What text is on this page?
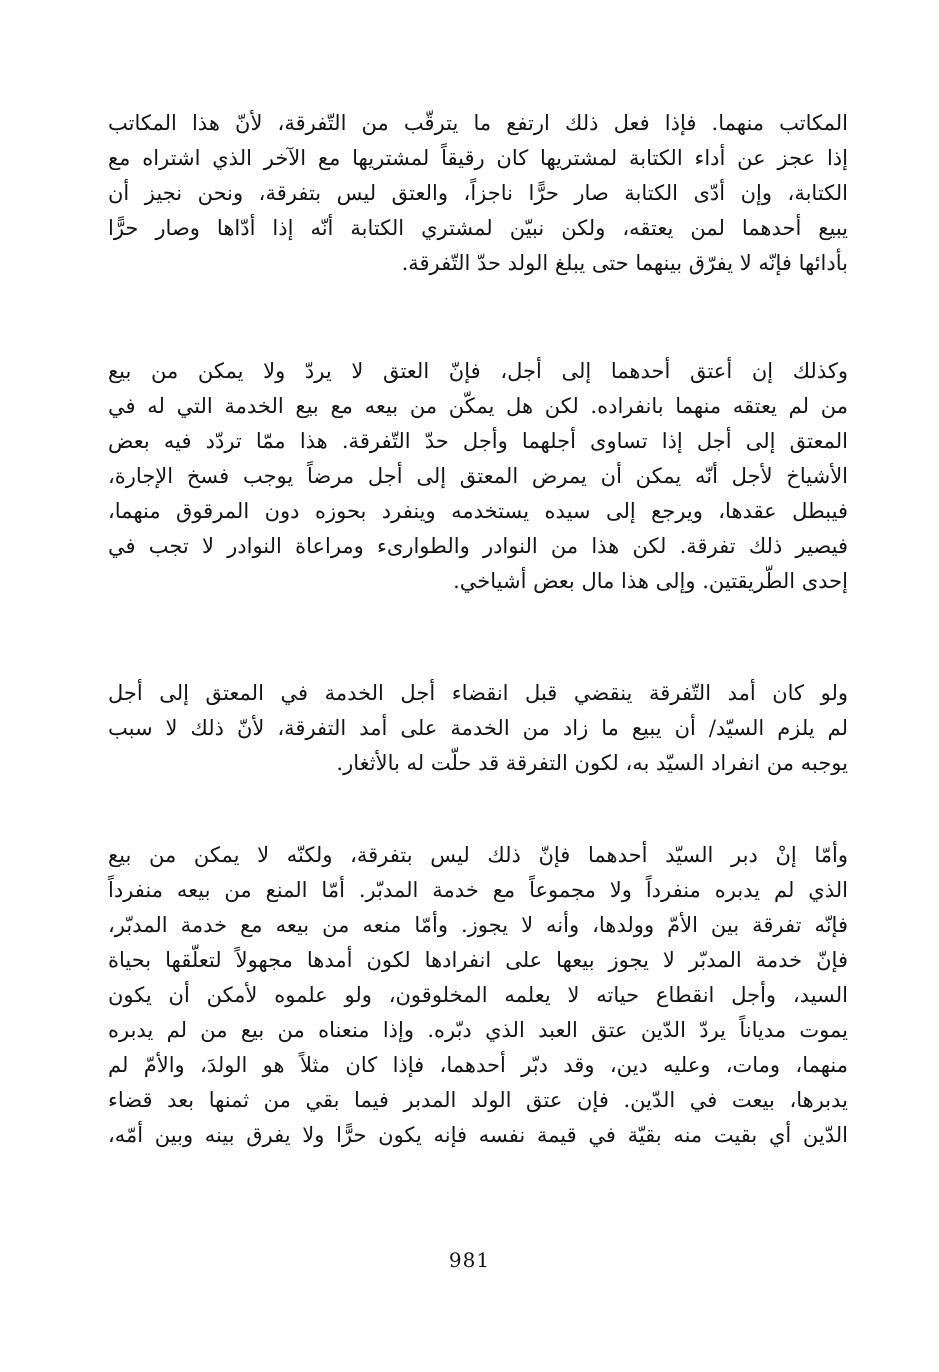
المكاتب منهما. فإذا فعل ذلك ارتفع ما يترقّب من التّفرقة، لأنّ هذا المكاتب
إذا عجز عن أداء الكتابة لمشتريها كان رقيقاً لمشتريها مع الآخر الذي اشتراه مع
الكتابة، وإن أدّى الكتابة صار حرًّا ناجزاً، والعتق ليس بتفرقة، ونحن نجيز أن
يبيع أحدهما لمن يعتقه، ولكن نبيّن لمشتري الكتابة أنّه إذا أدّاها وصار حرًّا
بأدائها فإنّه لا يفرّق بينهما حتى يبلغ الولد حدّ التّفرقة.
وكذلك إن أعتق أحدهما إلى أجل، فإنّ العتق لا يردّ ولا يمكن من بيع
من لم يعتقه منهما بانفراده. لكن هل يمكّن من بيعه مع بيع الخدمة التي له في
المعتق إلى أجل إذا تساوى أجلهما وأجل حدّ التّفرقة. هذا ممّا تردّد فيه بعض
الأشياخ لأجل أنّه يمكن أن يمرض المعتق إلى أجل مرضاً يوجب فسخ الإجارة،
فيبطل عقدها، ويرجع إلى سيده يستخدمه وينفرد بحوزه دون المرقوق منهما،
فيصير ذلك تفرقة. لكن هذا من النوادر والطوارىء ومراعاة النوادر لا تجب في
إحدى الطّريقتين. وإلى هذا مال بعض أشياخي.
ولو كان أمد التّفرقة ينقضي قبل انقضاء أجل الخدمة في المعتق إلى أجل
لم يلزم السيّد/ أن يبيع ما زاد من الخدمة على أمد التفرقة، لأنّ ذلك لا سبب
يوجبه من انفراد السيّد به، لكون التفرقة قد حلّت له بالأثغار.
وأمّا إنْ دبر السيّد أحدهما فإنّ ذلك ليس بتفرقة، ولكنّه لا يمكن من بيع
الذي لم يدبره منفرداً ولا مجموعاً مع خدمة المدبّر. أمّا المنع من بيعه منفرداً
فإنّه تفرقة بين الأمّ وولدها، وأنه لا يجوز. وأمّا منعه من بيعه مع خدمة المدبّر،
فإنّ خدمة المدبّر لا يجوز بيعها على انفرادها لكون أمدها مجهولاً لتعلّقها بحياة
السيد، وأجل انقطاع حياته لا يعلمه المخلوقون، ولو علموه لأمكن أن يكون
يموت مدياناً يردّ الدّين عتق العبد الذي دبّره. وإذا منعناه من بيع من لم يدبره
منهما، ومات، وعليه دين، وقد دبّر أحدهما، فإذا كان مثلاً هو الولدَ، والأمّ لم
يدبرها، بيعت في الدّين. فإن عتق الولد المدبر فيما بقي من ثمنها بعد قضاء
الدّين أي بقيت منه بقيّة في قيمة نفسه فإنه يكون حرًّا ولا يفرق بينه وبين أمّه،
981
